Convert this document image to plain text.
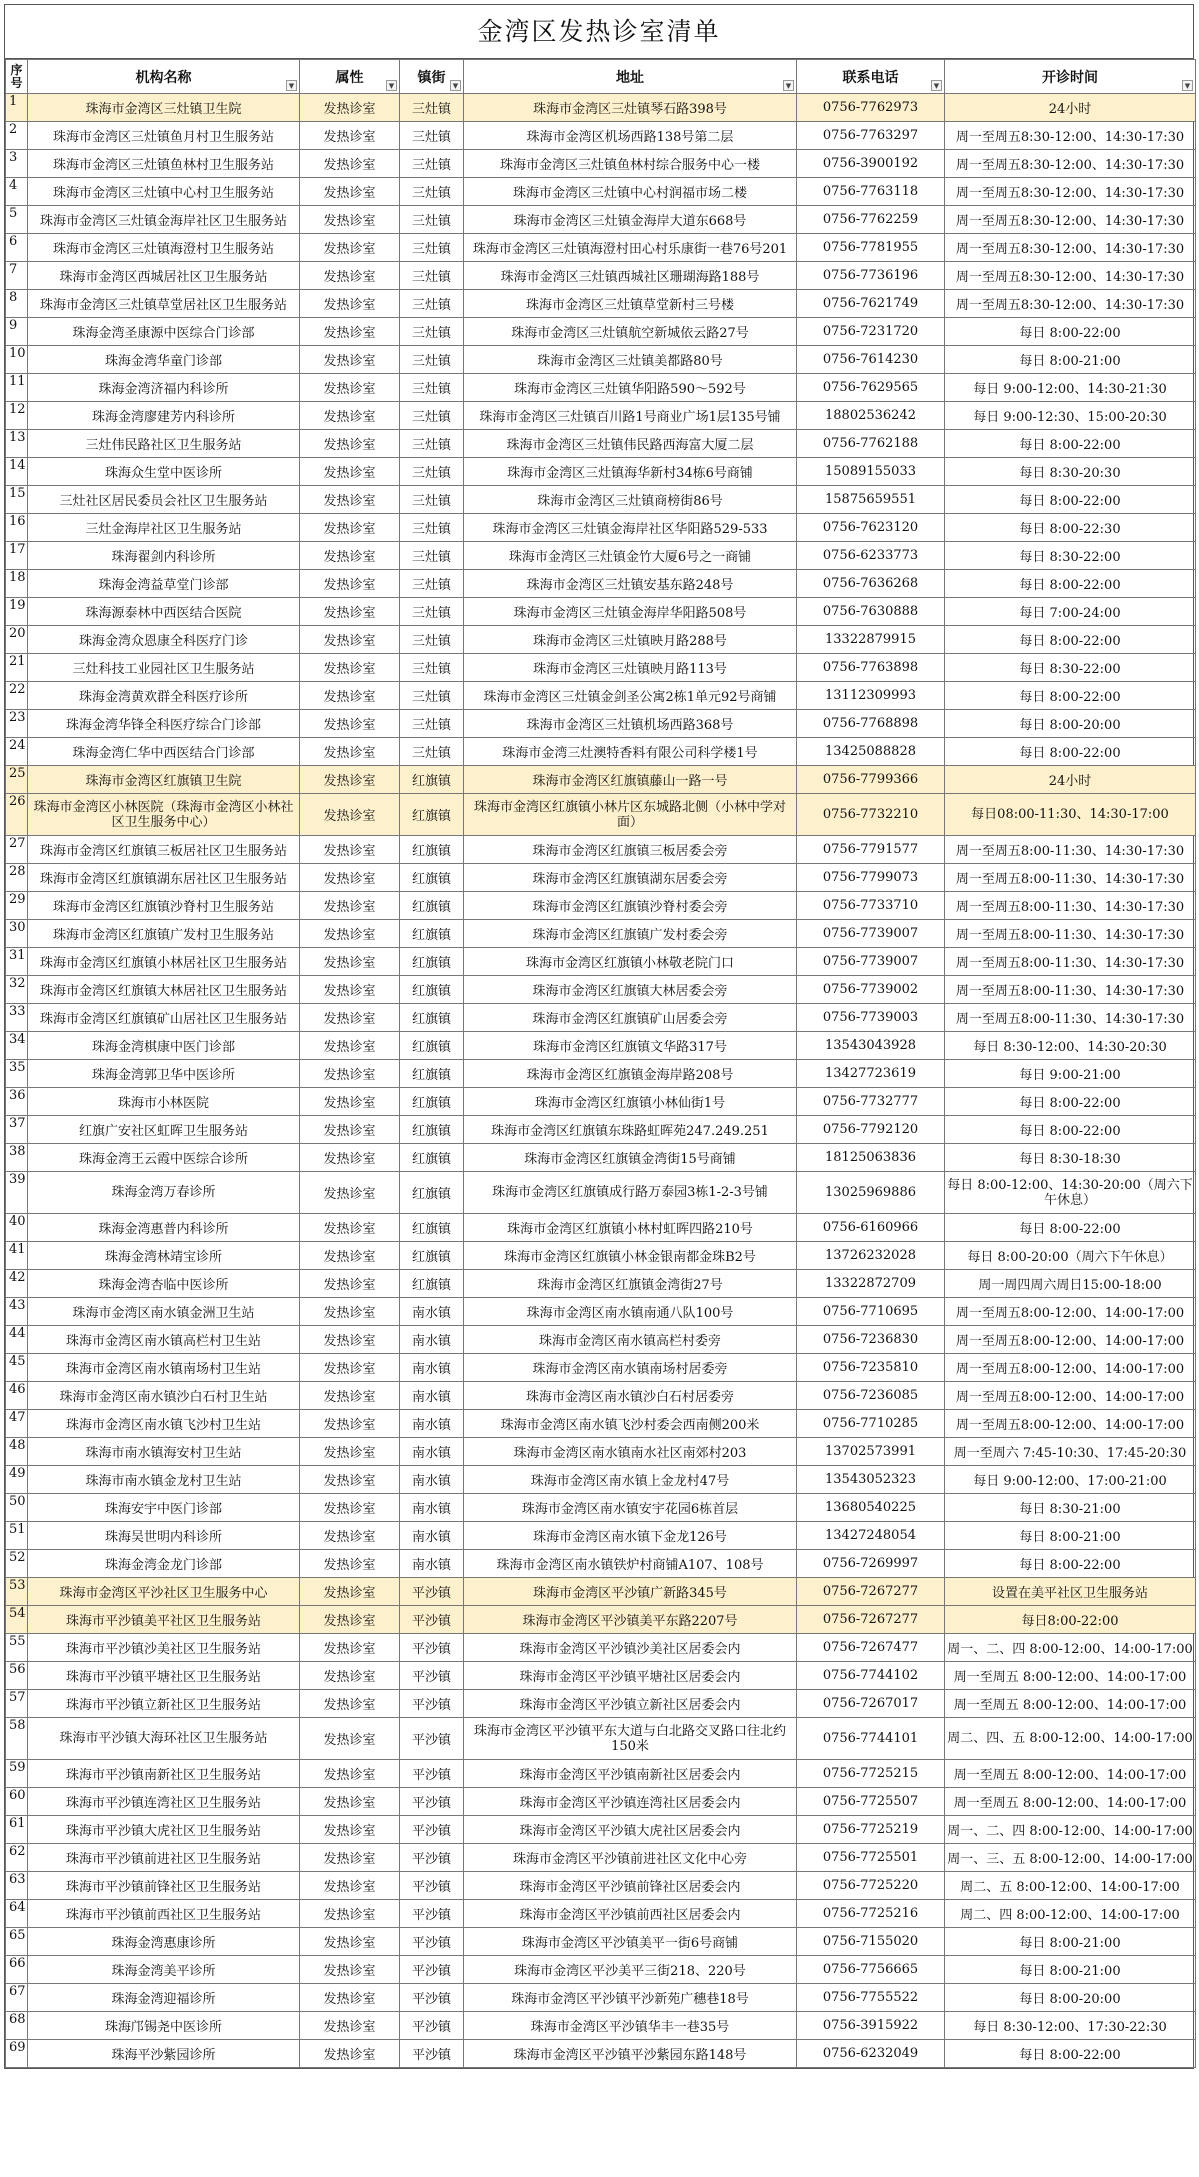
金湾区发热诊室清单
序号	机构名称 ▼	属性 ▼	镇街 ▼	地址 ▼	联系电话 ▼	开诊时间 ▼

1	珠海市金湾区三灶镇卫生院	发热诊室	三灶镇	珠海市金湾区三灶镇琴石路398号	0756-7762973	24小时
2	珠海市金湾区三灶镇鱼月村卫生服务站	发热诊室	三灶镇	珠海市金湾区机场西路138号第二层	0756-7763297	周一至周五8:30-12:00、14:30-17:30
3	珠海市金湾区三灶镇鱼林村卫生服务站	发热诊室	三灶镇	珠海市金湾区三灶镇鱼林村综合服务中心一楼	0756-3900192	周一至周五8:30-12:00、14:30-17:30
4	珠海市金湾区三灶镇中心村卫生服务站	发热诊室	三灶镇	珠海市金湾区三灶镇中心村润福市场二楼	0756-7763118	周一至周五8:30-12:00、14:30-17:30
5	珠海市金湾区三灶镇金海岸社区卫生服务站	发热诊室	三灶镇	珠海市金湾区三灶镇金海岸大道东668号	0756-7762259	周一至周五8:30-12:00、14:30-17:30
6	珠海市金湾区三灶镇海澄村卫生服务站	发热诊室	三灶镇	珠海市金湾区三灶镇海澄村田心村乐康街一巷76号201	0756-7781955	周一至周五8:30-12:00、14:30-17:30
7	珠海市金湾区西城居社区卫生服务站	发热诊室	三灶镇	珠海市金湾区三灶镇西城社区珊瑚海路188号	0756-7736196	周一至周五8:30-12:00、14:30-17:30
8	珠海市金湾区三灶镇草堂居社区卫生服务站	发热诊室	三灶镇	珠海市金湾区三灶镇草堂新村三号楼	0756-7621749	周一至周五8:30-12:00、14:30-17:30
9	珠海金湾圣康源中医综合门诊部	发热诊室	三灶镇	珠海市金湾区三灶镇航空新城依云路27号	0756-7231720	每日 8:00-22:00
10	珠海金湾华童门诊部	发热诊室	三灶镇	珠海市金湾区三灶镇美都路80号	0756-7614230	每日 8:00-21:00
11	珠海金湾济福内科诊所	发热诊室	三灶镇	珠海市金湾区三灶镇华阳路590～592号	0756-7629565	每日 9:00-12:00、14:30-21:30
12	珠海金湾廖建芳内科诊所	发热诊室	三灶镇	珠海市金湾区三灶镇百川路1号商业广场1层135号铺	18802536242	每日 9:00-12:30、15:00-20:30
13	三灶伟民路社区卫生服务站	发热诊室	三灶镇	珠海市金湾区三灶镇伟民路西海富大厦二层	0756-7762188	每日 8:00-22:00
14	珠海众生堂中医诊所	发热诊室	三灶镇	珠海市金湾区三灶镇海华新村34栋6号商铺	15089155033	每日 8:30-20:30
15	三灶社区居民委员会社区卫生服务站	发热诊室	三灶镇	珠海市金湾区三灶镇商榜街86号	15875659551	每日 8:00-22:00
16	三灶金海岸社区卫生服务站	发热诊室	三灶镇	珠海市金湾区三灶镇金海岸社区华阳路529-533	0756-7623120	每日 8:00-22:30
17	珠海翟剑内科诊所	发热诊室	三灶镇	珠海市金湾区三灶镇金竹大厦6号之一商铺	0756-6233773	每日 8:30-22:00
18	珠海金湾益草堂门诊部	发热诊室	三灶镇	珠海市金湾区三灶镇安基东路248号	0756-7636268	每日 8:00-22:00
19	珠海源泰林中西医结合医院	发热诊室	三灶镇	珠海市金湾区三灶镇金海岸华阳路508号	0756-7630888	每日 7:00-24:00
20	珠海金湾众恩康全科医疗门诊	发热诊室	三灶镇	珠海市金湾区三灶镇映月路288号	13322879915	每日 8:00-22:00
21	三灶科技工业园社区卫生服务站	发热诊室	三灶镇	珠海市金湾区三灶镇映月路113号	0756-7763898	每日 8:30-22:00
22	珠海金湾黄欢群全科医疗诊所	发热诊室	三灶镇	珠海市金湾区三灶镇金剑圣公寓2栋1单元92号商铺	13112309993	每日 8:00-22:00
23	珠海金湾华锋全科医疗综合门诊部	发热诊室	三灶镇	珠海市金湾区三灶镇机场西路368号	0756-7768898	每日 8:00-20:00
24	珠海金湾仁华中西医结合门诊部	发热诊室	三灶镇	珠海市金湾三灶澳特香料有限公司科学楼1号	13425088828	每日 8:00-22:00
25	珠海市金湾区红旗镇卫生院	发热诊室	红旗镇	珠海市金湾区红旗镇藤山一路一号	0756-7799366	24小时
26	珠海市金湾区小林医院（珠海市金湾区小林社区卫生服务中心）	发热诊室	红旗镇	珠海市金湾区红旗镇小林片区东城路北侧（小林中学对面）	0756-7732210	每日08:00-11:30、14:30-17:00
27	珠海市金湾区红旗镇三板居社区卫生服务站	发热诊室	红旗镇	珠海市金湾区红旗镇三板居委会旁	0756-7791577	周一至周五8:00-11:30、14:30-17:30
28	珠海市金湾区红旗镇湖东居社区卫生服务站	发热诊室	红旗镇	珠海市金湾区红旗镇湖东居委会旁	0756-7799073	周一至周五8:00-11:30、14:30-17:30
29	珠海市金湾区红旗镇沙脊村卫生服务站	发热诊室	红旗镇	珠海市金湾区红旗镇沙脊村委会旁	0756-7733710	周一至周五8:00-11:30、14:30-17:30
30	珠海市金湾区红旗镇广发村卫生服务站	发热诊室	红旗镇	珠海市金湾区红旗镇广发村委会旁	0756-7739007	周一至周五8:00-11:30、14:30-17:30
31	珠海市金湾区红旗镇小林居社区卫生服务站	发热诊室	红旗镇	珠海市金湾区红旗镇小林敬老院门口	0756-7739007	周一至周五8:00-11:30、14:30-17:30
32	珠海市金湾区红旗镇大林居社区卫生服务站	发热诊室	红旗镇	珠海市金湾区红旗镇大林居委会旁	0756-7739002	周一至周五8:00-11:30、14:30-17:30
33	珠海市金湾区红旗镇矿山居社区卫生服务站	发热诊室	红旗镇	珠海市金湾区红旗镇矿山居委会旁	0756-7739003	周一至周五8:00-11:30、14:30-17:30
34	珠海金湾棋康中医门诊部	发热诊室	红旗镇	珠海市金湾区红旗镇文华路317号	13543043928	每日 8:30-12:00、14:30-20:30
35	珠海金湾郭卫华中医诊所	发热诊室	红旗镇	珠海市金湾区红旗镇金海岸路208号	13427723619	每日 9:00-21:00
36	珠海市小林医院	发热诊室	红旗镇	珠海市金湾区红旗镇小林仙街1号	0756-7732777	每日 8:00-22:00
37	红旗广安社区虹晖卫生服务站	发热诊室	红旗镇	珠海市金湾区红旗镇东珠路虹晖苑247.249.251	0756-7792120	每日 8:00-22:00
38	珠海金湾王云霞中医综合诊所	发热诊室	红旗镇	珠海市金湾区红旗镇金湾街15号商铺	18125063836	每日 8:30-18:30
39	珠海金湾万春诊所	发热诊室	红旗镇	珠海市金湾区红旗镇成行路万泰园3栋1-2-3号铺	13025969886	每日 8:00-12:00、14:30-20:00（周六下午休息）
40	珠海金湾惠普内科诊所	发热诊室	红旗镇	珠海市金湾区红旗镇小林村虹晖四路210号	0756-6160966	每日 8:00-22:00
41	珠海金湾林靖宝诊所	发热诊室	红旗镇	珠海市金湾区红旗镇小林金银南都金珠B2号	13726232028	每日 8:00-20:00（周六下午休息）
42	珠海金湾杏临中医诊所	发热诊室	红旗镇	珠海市金湾区红旗镇金湾街27号	13322872709	周一周四周六周日15:00-18:00
43	珠海市金湾区南水镇金洲卫生站	发热诊室	南水镇	珠海市金湾区南水镇南通八队100号	0756-7710695	周一至周五8:00-12:00、14:00-17:00
44	珠海市金湾区南水镇高栏村卫生站	发热诊室	南水镇	珠海市金湾区南水镇高栏村委旁	0756-7236830	周一至周五8:00-12:00、14:00-17:00
45	珠海市金湾区南水镇南场村卫生站	发热诊室	南水镇	珠海市金湾区南水镇南场村居委旁	0756-7235810	周一至周五8:00-12:00、14:00-17:00
46	珠海市金湾区南水镇沙白石村卫生站	发热诊室	南水镇	珠海市金湾区南水镇沙白石村居委旁	0756-7236085	周一至周五8:00-12:00、14:00-17:00
47	珠海市金湾区南水镇飞沙村卫生站	发热诊室	南水镇	珠海市金湾区南水镇飞沙村委会西南侧200米	0756-7710285	周一至周五8:00-12:00、14:00-17:00
48	珠海市南水镇海安村卫生站	发热诊室	南水镇	珠海市金湾区南水镇南水社区南郊村203	13702573991	周一至周六 7:45-10:30、17:45-20:30
49	珠海市南水镇金龙村卫生站	发热诊室	南水镇	珠海市金湾区南水镇上金龙村47号	13543052323	每日 9:00-12:00、17:00-21:00
50	珠海安宇中医门诊部	发热诊室	南水镇	珠海市金湾区南水镇安宇花园6栋首层	13680540225	每日 8:30-21:00
51	珠海吴世明内科诊所	发热诊室	南水镇	珠海市金湾区南水镇下金龙126号	13427248054	每日 8:00-21:00
52	珠海金湾金龙门诊部	发热诊室	南水镇	珠海市金湾区南水镇铁炉村商铺A107、108号	0756-7269997	每日 8:00-22:00
53	珠海市金湾区平沙社区卫生服务中心	发热诊室	平沙镇	珠海市金湾区平沙镇广新路345号	0756-7267277	设置在美平社区卫生服务站
54	珠海市平沙镇美平社区卫生服务站	发热诊室	平沙镇	珠海市金湾区平沙镇美平东路2207号	0756-7267277	每日8:00-22:00
55	珠海市平沙镇沙美社区卫生服务站	发热诊室	平沙镇	珠海市金湾区平沙镇沙美社区居委会内	0756-7267477	周一、二、四 8:00-12:00、14:00-17:00
56	珠海市平沙镇平塘社区卫生服务站	发热诊室	平沙镇	珠海市金湾区平沙镇平塘社区居委会内	0756-7744102	周一至周五 8:00-12:00、14:00-17:00
57	珠海市平沙镇立新社区卫生服务站	发热诊室	平沙镇	珠海市金湾区平沙镇立新社区居委会内	0756-7267017	周一至周五 8:00-12:00、14:00-17:00
58	珠海市平沙镇大海环社区卫生服务站	发热诊室	平沙镇	珠海市金湾区平沙镇平东大道与白北路交叉路口往北约150米	0756-7744101	周二、四、五 8:00-12:00、14:00-17:00
59	珠海市平沙镇南新社区卫生服务站	发热诊室	平沙镇	珠海市金湾区平沙镇南新社区居委会内	0756-7725215	周一至周五 8:00-12:00、14:00-17:00
60	珠海市平沙镇连湾社区卫生服务站	发热诊室	平沙镇	珠海市金湾区平沙镇连湾社区居委会内	0756-7725507	周一至周五 8:00-12:00、14:00-17:00
61	珠海市平沙镇大虎社区卫生服务站	发热诊室	平沙镇	珠海市金湾区平沙镇大虎社区居委会内	0756-7725219	周一、二、四 8:00-12:00、14:00-17:00
62	珠海市平沙镇前进社区卫生服务站	发热诊室	平沙镇	珠海市金湾区平沙镇前进社区文化中心旁	0756-7725501	周一、三、五 8:00-12:00、14:00-17:00
63	珠海市平沙镇前锋社区卫生服务站	发热诊室	平沙镇	珠海市金湾区平沙镇前锋社区居委会内	0756-7725220	周二、五 8:00-12:00、14:00-17:00
64	珠海市平沙镇前西社区卫生服务站	发热诊室	平沙镇	珠海市金湾区平沙镇前西社区居委会内	0756-7725216	周二、四 8:00-12:00、14:00-17:00
65	珠海金湾惠康诊所	发热诊室	平沙镇	珠海市金湾区平沙镇美平一街6号商铺	0756-7155020	每日 8:00-21:00
66	珠海金湾美平诊所	发热诊室	平沙镇	珠海市金湾区平沙美平三街218、220号	0756-7756665	每日 8:00-21:00
67	珠海金湾迎福诊所	发热诊室	平沙镇	珠海市金湾区平沙镇平沙新苑广穗巷18号	0756-7755522	每日 8:00-20:00
68	珠海邝锡尧中医诊所	发热诊室	平沙镇	珠海市金湾区平沙镇华丰一巷35号	0756-3915922	每日 8:30-12:00、17:30-22:30
69	珠海平沙紫园诊所	发热诊室	平沙镇	珠海市金湾区平沙镇平沙紫园东路148号	0756-6232049	每日 8:00-22:00
